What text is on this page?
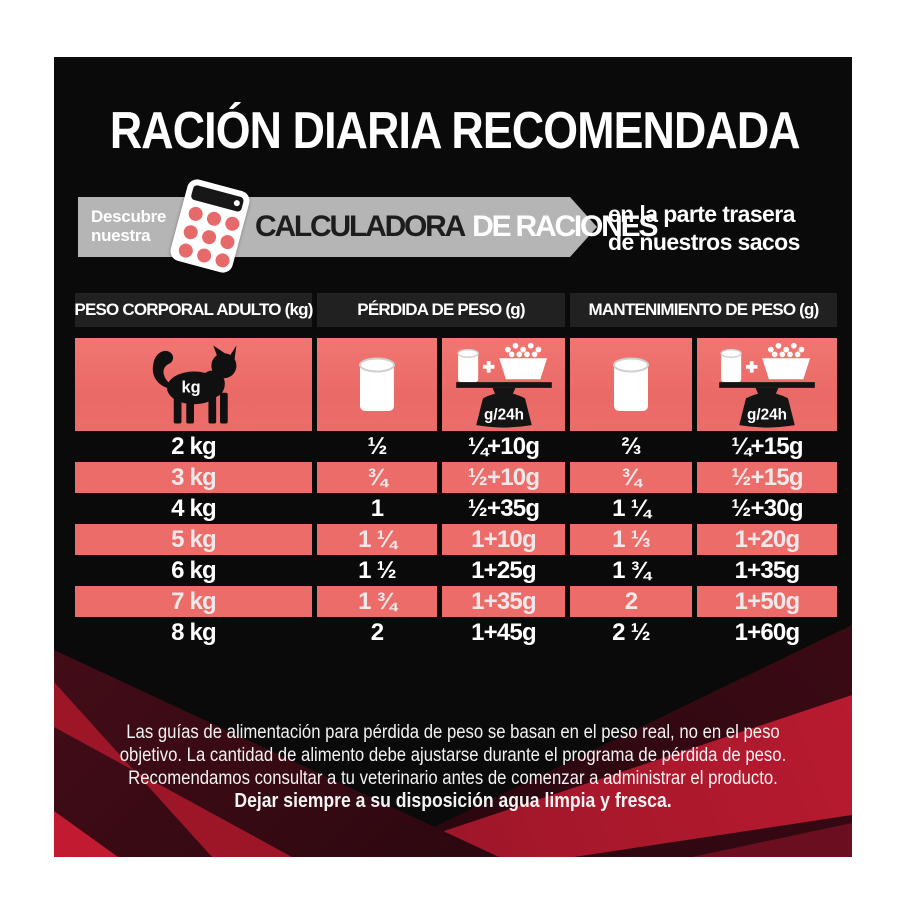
RACIÓN DIARIA RECOMENDADA
Descubre
nuestra	CALCULADORA DE RACIONES
en la parte trasera
de nuestros sacos
PESO CORPORAL ADULTO (kg)	PÉRDIDA DE PESO (g)	MANTENIMIENTO DE PESO (g)
kg
g/24h	g/24h
2 kg	½	¼+10g	⅔	¼+15g
3 kg	¾	½+10g	¾	½+15g
4 kg	1	½+35g	1 ¼	½+30g
5 kg	1 ¼	1+10g	1 ⅓	1+20g
6 kg	1 ½	1+25g	1 ¾	1+35g
7 kg	1 ¾	1+35g	2	1+50g
8 kg	2	1+45g	2 ½	1+60g
Las guías de alimentación para pérdida de peso se basan en el peso real, no en el peso
objetivo. La cantidad de alimento debe ajustarse durante el programa de pérdida de peso.
Recomendamos consultar a tu veterinario antes de comenzar a administrar el producto.
Dejar siempre a su disposición agua limpia y fresca.
